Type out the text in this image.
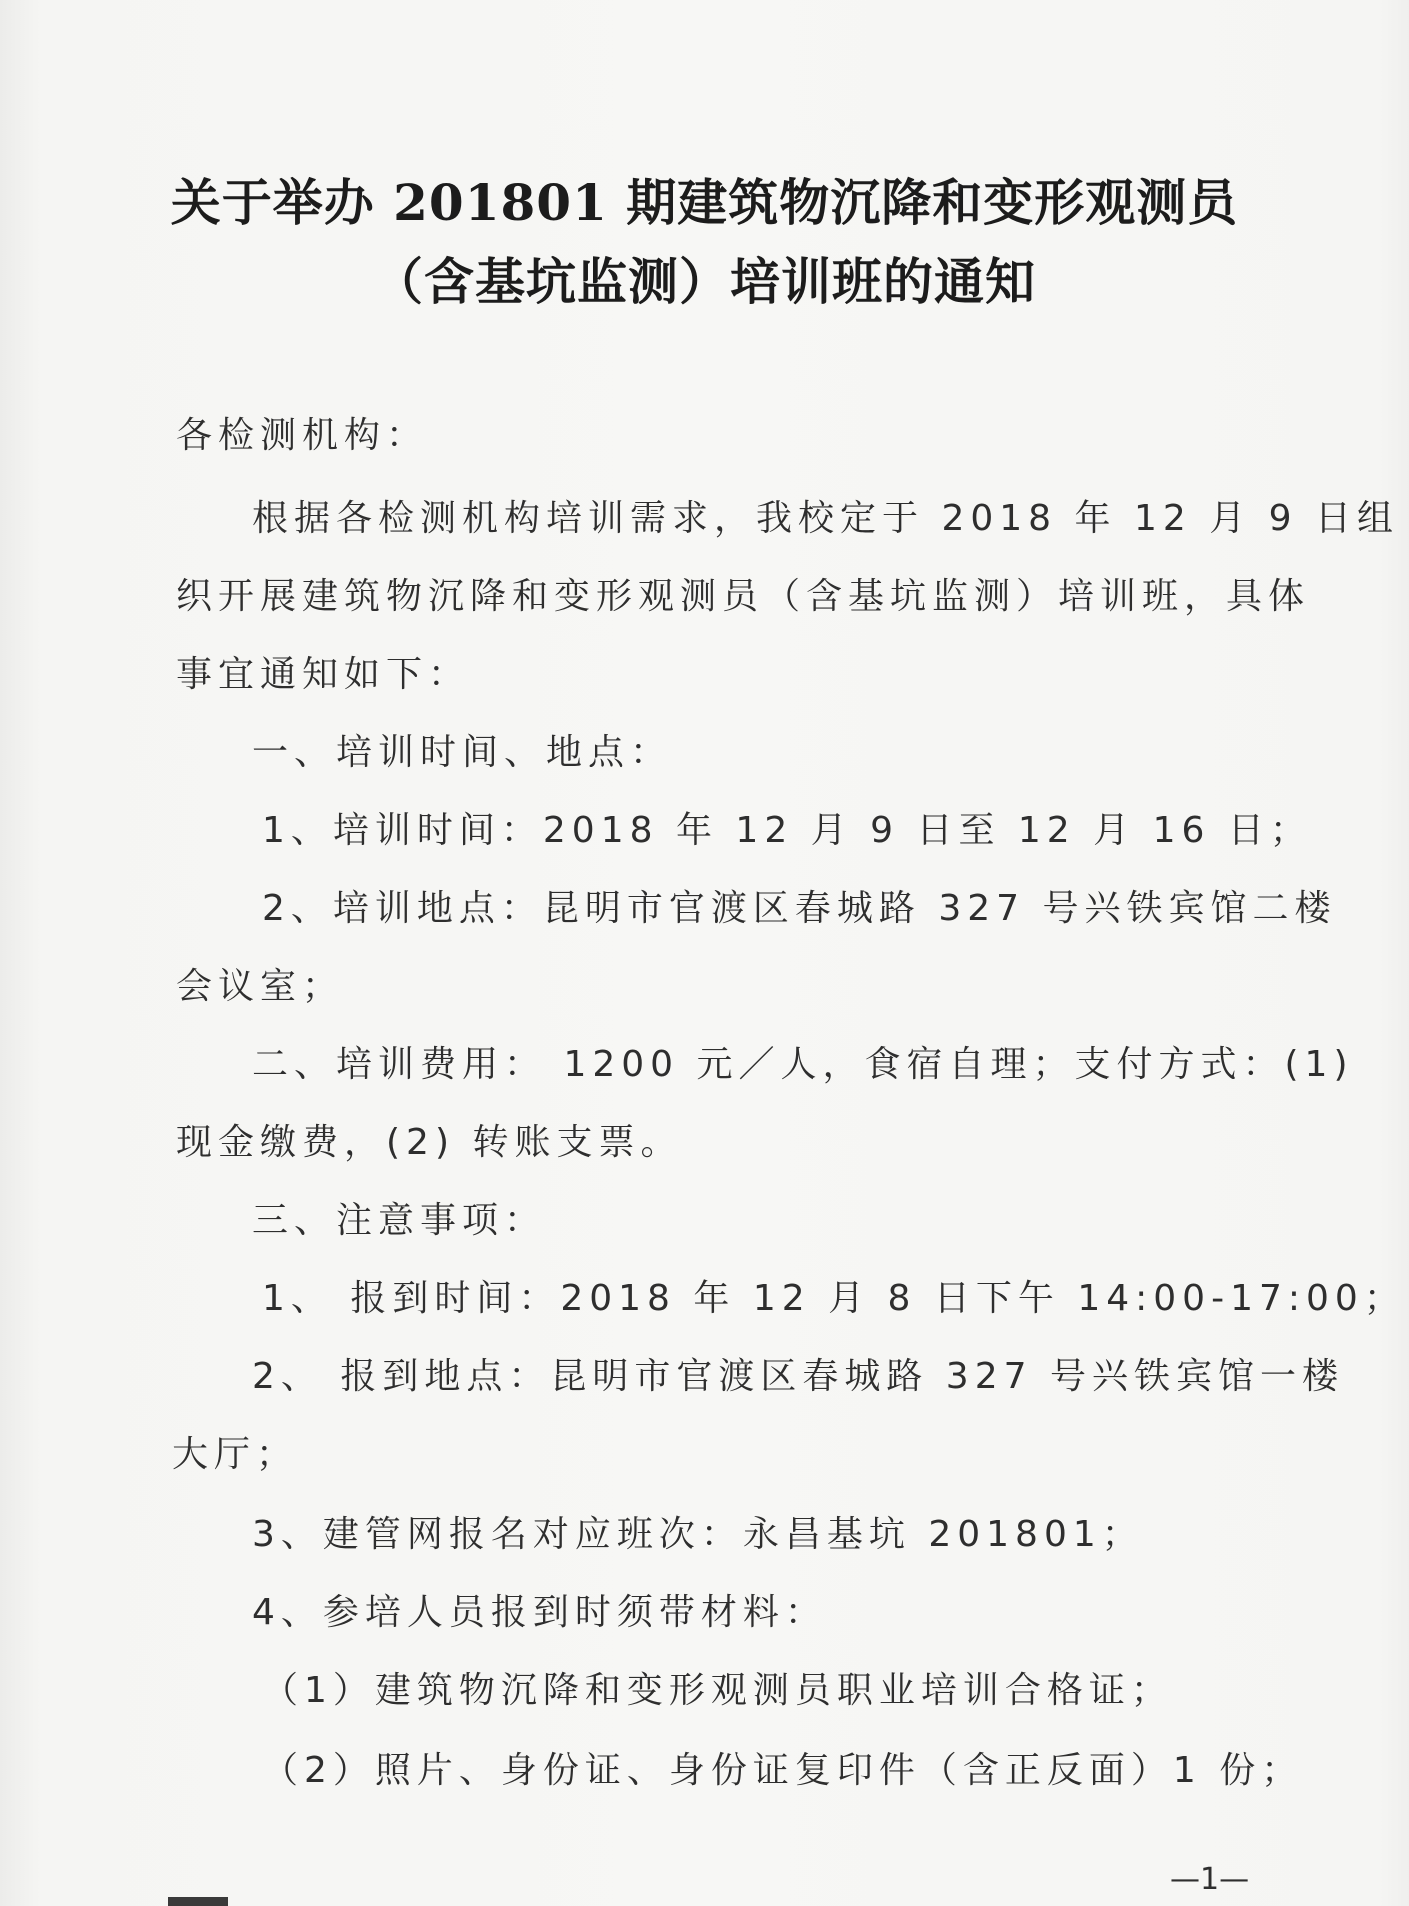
关于举办 201801 期建筑物沉降和变形观测员
（含基坑监测）培训班的通知
各检测机构：
根据各检测机构培训需求，我校定于 2018 年 12 月 9 日组
织开展建筑物沉降和变形观测员（含基坑监测）培训班，具体
事宜通知如下：
一、培训时间、地点：
1、培训时间：2018 年 12 月 9 日至 12 月 16 日；
2、培训地点：昆明市官渡区春城路 327 号兴铁宾馆二楼
会议室；
二、培训费用： 1200 元／人，食宿自理；支付方式：(1)
现金缴费，(2) 转账支票。
三、注意事项：
1、 报到时间：2018 年 12 月 8 日下午 14:00-17:00；
2、 报到地点：昆明市官渡区春城路 327 号兴铁宾馆一楼
大厅；
3、建管网报名对应班次：永昌基坑 201801；
4、参培人员报到时须带材料：
（1）建筑物沉降和变形观测员职业培训合格证；
（2）照片、身份证、身份证复印件（含正反面）1 份；
—1—
